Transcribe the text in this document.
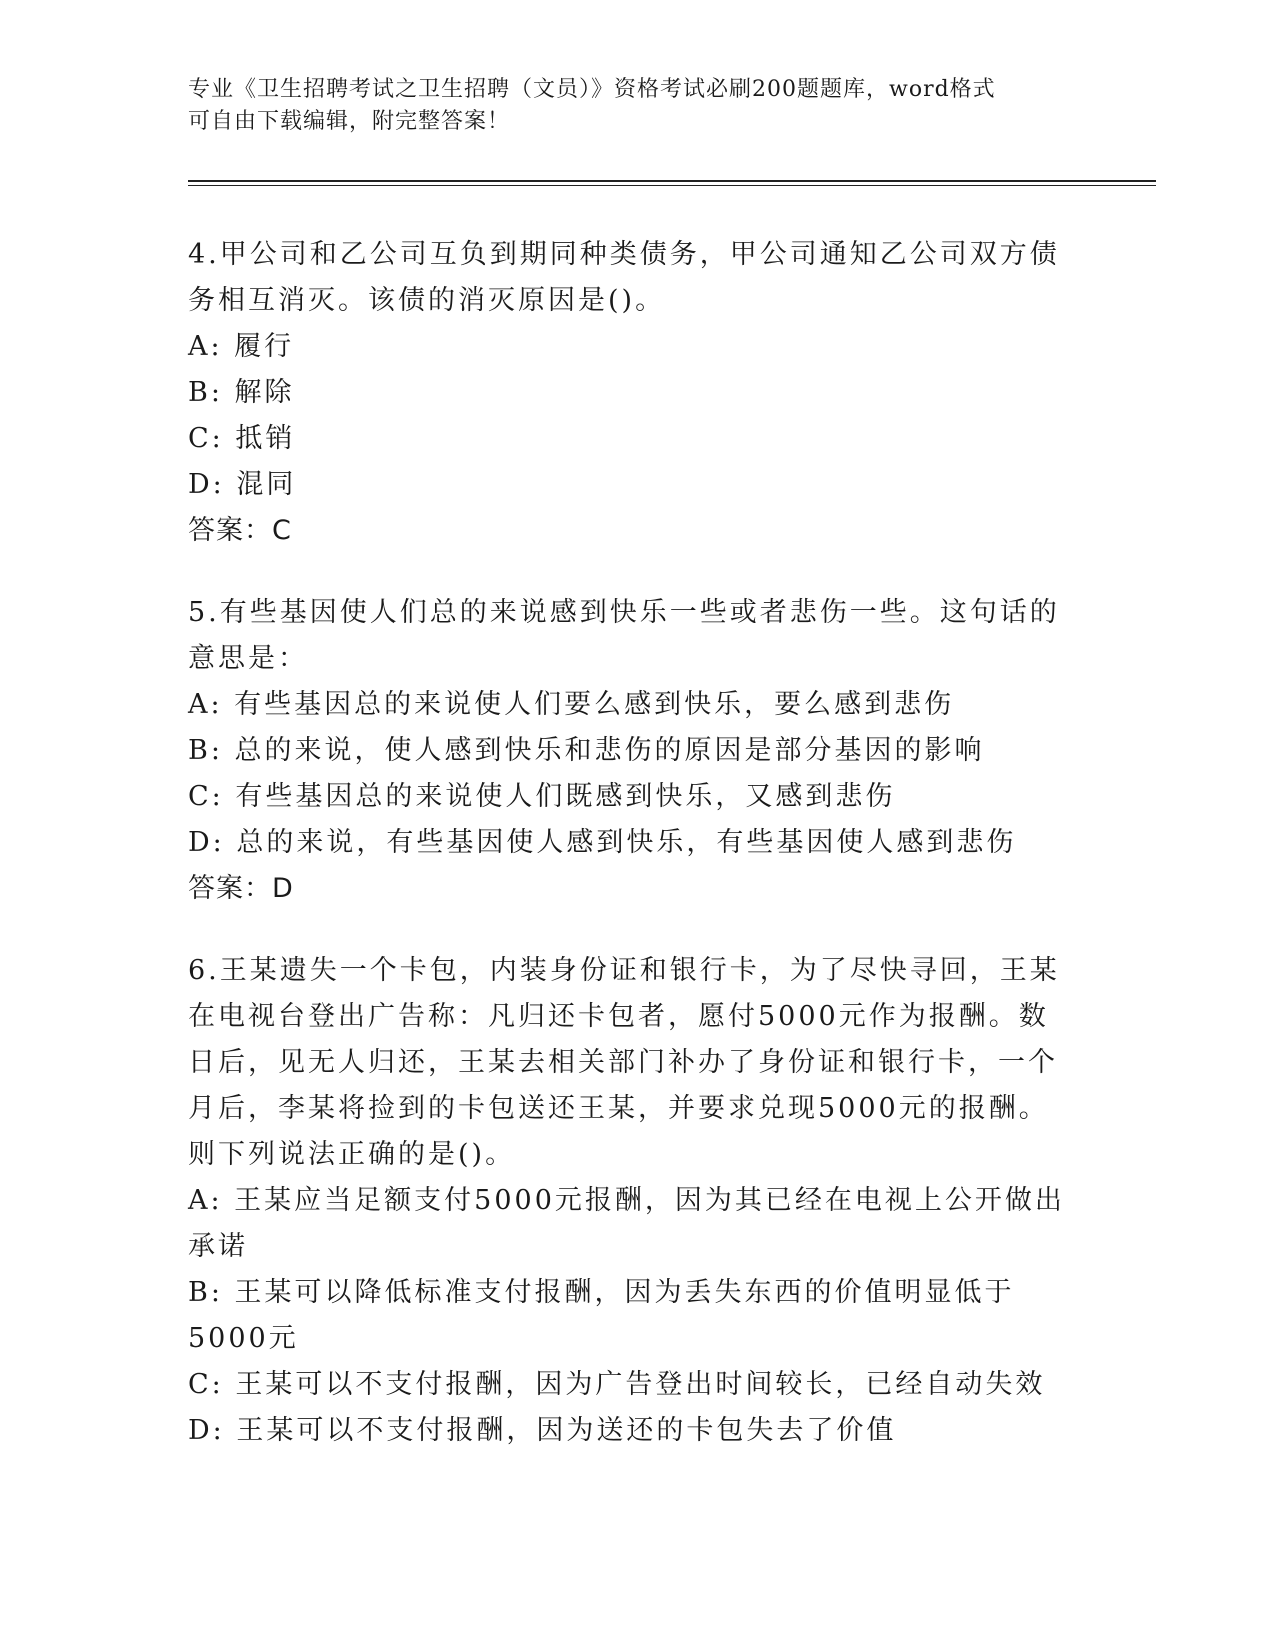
专业《卫生招聘考试之卫生招聘（文员）》资格考试必刷200题题库，word格式
可自由下载编辑，附完整答案！
4.甲公司和乙公司互负到期同种类债务，甲公司通知乙公司双方债务相互消灭。该债的消灭原因是()。
A: 履行
B: 解除
C: 抵销
D: 混同
答案：C
5.有些基因使人们总的来说感到快乐一些或者悲伤一些。这句话的意思是：
A: 有些基因总的来说使人们要么感到快乐，要么感到悲伤
B: 总的来说，使人感到快乐和悲伤的原因是部分基因的影响
C: 有些基因总的来说使人们既感到快乐，又感到悲伤
D: 总的来说，有些基因使人感到快乐，有些基因使人感到悲伤
答案：D
6.王某遗失一个卡包，内装身份证和银行卡，为了尽快寻回，王某在电视台登出广告称：凡归还卡包者，愿付5000元作为报酬。数日后，见无人归还，王某去相关部门补办了身份证和银行卡，一个月后，李某将捡到的卡包送还王某，并要求兑现5000元的报酬。则下列说法正确的是()。
A: 王某应当足额支付5000元报酬，因为其已经在电视上公开做出承诺
B: 王某可以降低标准支付报酬，因为丢失东西的价值明显低于5000元
C: 王某可以不支付报酬，因为广告登出时间较长，已经自动失效
D: 王某可以不支付报酬，因为送还的卡包失去了价值
